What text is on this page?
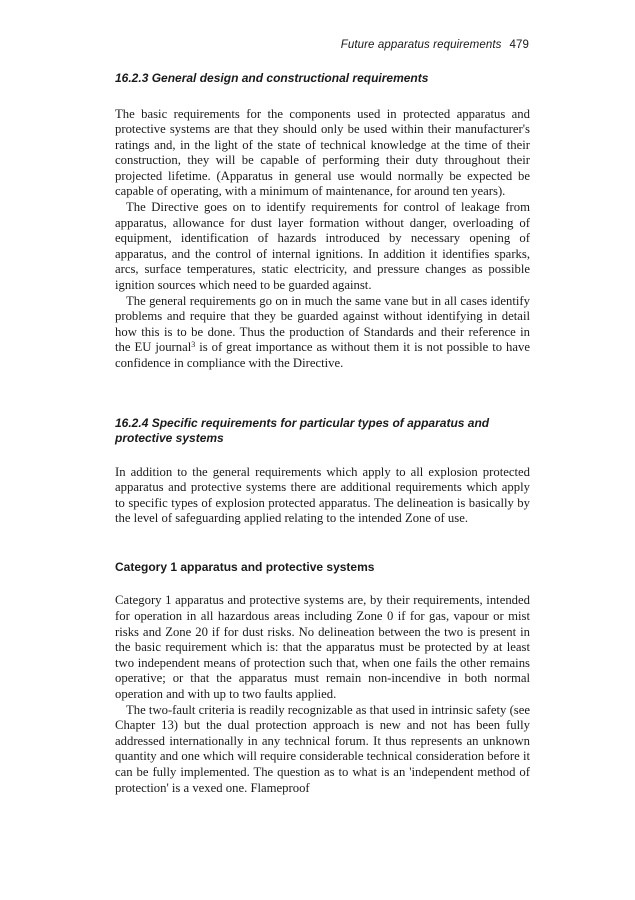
Future apparatus requirements 479
16.2.3 General design and constructional requirements

The basic requirements for the components used in protected apparatus and protective systems are that they should only be used within their manufacturer's ratings and, in the light of the state of technical knowledge at the time of their construction, they will be capable of performing their duty throughout their projected lifetime. (Apparatus in general use would normally be expected be capable of operating, with a minimum of maintenance, for around ten years).

The Directive goes on to identify requirements for control of leakage from apparatus, allowance for dust layer formation without danger, overloading of equipment, identification of hazards introduced by necessary opening of apparatus, and the control of internal ignitions. In addition it identifies sparks, arcs, surface temperatures, static electricity, and pressure changes as possible ignition sources which need to be guarded against.

The general requirements go on in much the same vane but in all cases identify problems and require that they be guarded against without identifying in detail how this is to be done. Thus the production of Standards and their reference in the EU journal$^3$ is of great importance as without them it is not possible to have confidence in compliance with the Directive.

16.2.4 Specific requirements for particular types of apparatus and protective systems

In addition to the general requirements which apply to all explosion protected apparatus and protective systems there are additional requirements which apply to specific types of explosion protected apparatus. The delineation is basically by the level of safeguarding applied relating to the intended Zone of use.

Category 1 apparatus and protective systems

Category 1 apparatus and protective systems are, by their requirements, intended for operation in all hazardous areas including Zone 0 if for gas, vapour or mist risks and Zone 20 if for dust risks. No delineation between the two is present in the basic requirement which is: that the apparatus must be protected by at least two independent means of protection such that, when one fails the other remains operative; or that the apparatus must remain non-incendive in both normal operation and with up to two faults applied.

The two-fault criteria is readily recognizable as that used in intrinsic safety (see Chapter 13) but the dual protection approach is new and not has been fully addressed internationally in any technical forum. It thus represents an unknown quantity and one which will require considerable technical consideration before it can be fully implemented. The question as to what is an 'independent method of protection' is a vexed one. Flameproof
